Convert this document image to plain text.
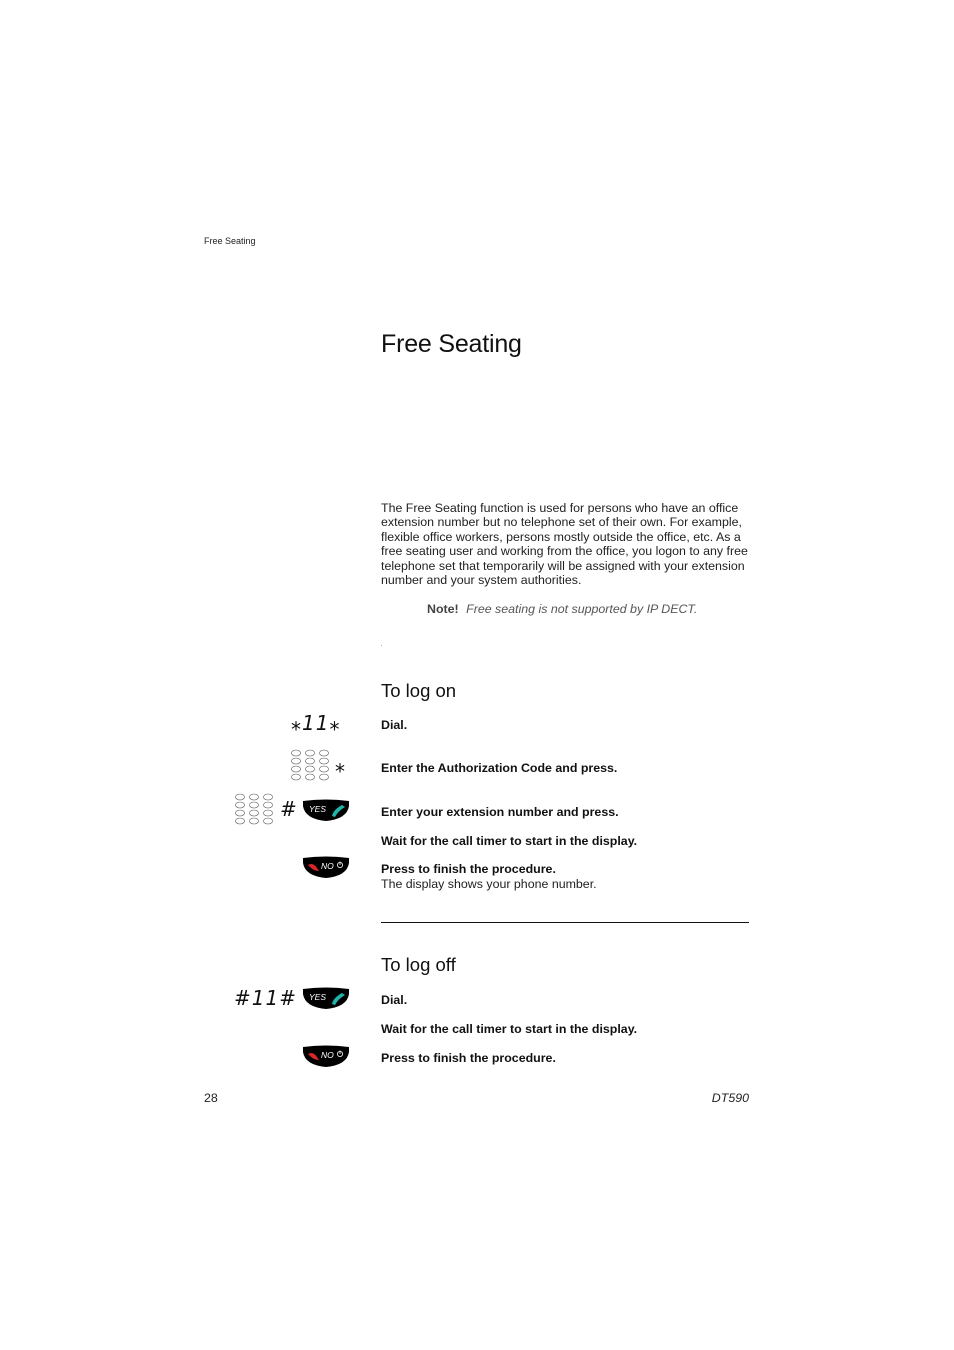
Free Seating
Free Seating

The Free Seating function is used for persons who have an office extension number but no telephone set of their own. For example, flexible office workers, persons mostly outside the office, etc. As a free seating user and working from the office, you logon to any free telephone set that temporarily will be assigned with your extension number and your system authorities.

Note! Free seating is not supported by IP DECT.
To log on
⁎11⁎	Dial.
⁎	Enter the Authorization Code and press.
# YES	Enter your extension number and press.
Wait for the call timer to start in the display.
NO	Press to finish the procedure.
The display shows your phone number.
To log off
#11# YES	Dial.
Wait for the call timer to start in the display.
NO	Press to finish the procedure.
28	DT590
